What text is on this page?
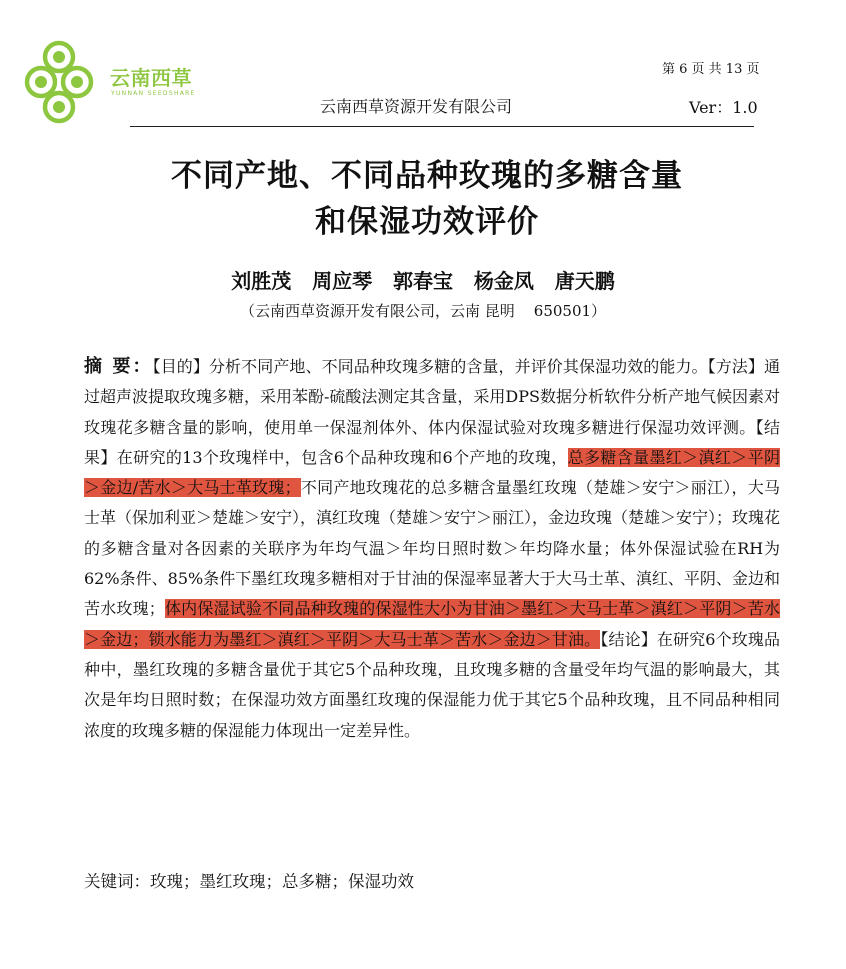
云南西草
YUNNAN SEEDSHARE
第 6 页 共 13 页
云南西草资源开发有限公司	Ver：1.0
不同产地、不同品种玫瑰的多糖含量
和保湿功效评价
刘胜茂   周应琴   郭春宝   杨金凤   唐天鹏
（云南西草资源开发有限公司，云南 昆明    650501）
摘 要：【目的】分析不同产地、不同品种玫瑰多糖的含量，并评价其保湿功效的能力。【方法】通过超声波提取玫瑰多糖，采用苯酚-硫酸法测定其含量，采用DPS数据分析软件分析产地气候因素对玫瑰花多糖含量的影响，使用单一保湿剂体外、体内保湿试验对玫瑰多糖进行保湿功效评测。【结果】在研究的13个玫瑰样中，包含6个品种玫瑰和6个产地的玫瑰，总多糖含量墨红＞滇红＞平阴＞金边/苦水＞大马士革玫瑰；不同产地玫瑰花的总多糖含量墨红玫瑰（楚雄＞安宁＞丽江），大马士革（保加利亚＞楚雄＞安宁），滇红玫瑰（楚雄＞安宁＞丽江），金边玫瑰（楚雄＞安宁）；玫瑰花的多糖含量对各因素的关联序为年均气温＞年均日照时数＞年均降水量；体外保湿试验在RH为62%条件、85%条件下墨红玫瑰多糖相对于甘油的保湿率显著大于大马士革、滇红、平阴、金边和苦水玫瑰；体内保湿试验不同品种玫瑰的保湿性大小为甘油＞墨红＞大马士革＞滇红＞平阴＞苦水＞金边；锁水能力为墨红＞滇红＞平阴＞大马士革＞苦水＞金边＞甘油。【结论】在研究6个玫瑰品种中，墨红玫瑰的多糖含量优于其它5个品种玫瑰，且玫瑰多糖的含量受年均气温的影响最大，其次是年均日照时数；在保湿功效方面墨红玫瑰的保湿能力优于其它5个品种玫瑰，且不同品种相同浓度的玫瑰多糖的保湿能力体现出一定差异性。
关键词：玫瑰；墨红玫瑰；总多糖；保湿功效
